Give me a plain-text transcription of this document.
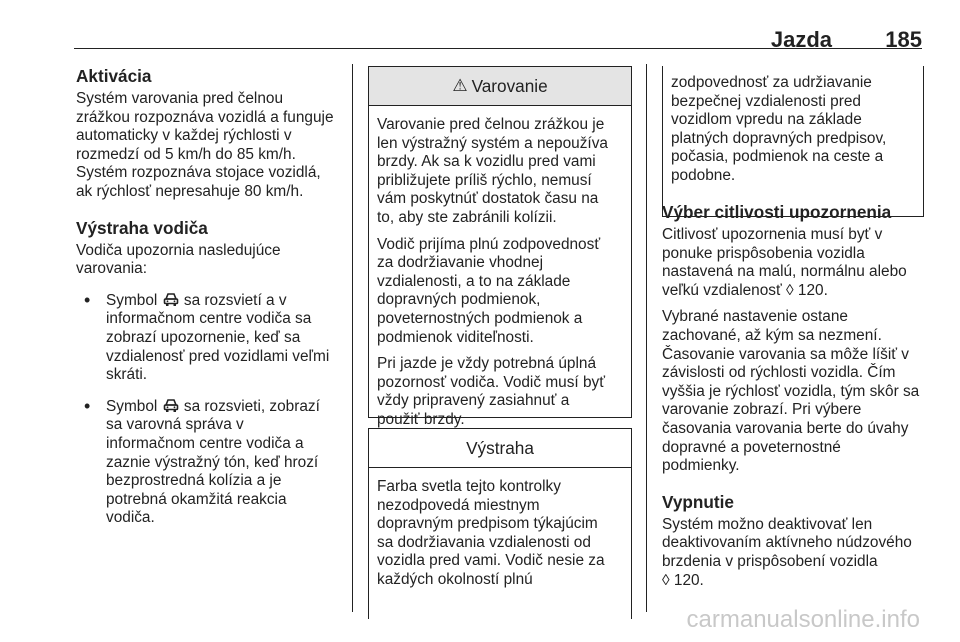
Jazda 185
Aktivácia

Systém varovania pred čelnou

zrážkou rozpoznáva vozidlá a funguje

automaticky v každej rýchlosti v

rozmedzí od 5 km/h do 85 km/h.

Systém rozpoznáva stojace vozidlá,

ak rýchlosť nepresahuje 80 km/h.

Výstraha vodiča

Vodiča upozornia nasledujúce

varovania:

• Symbol sa rozsvietí a v

informačnom centre vodiča sa

zobrazí upozornenie, keď sa

vzdialenosť pred vozidlami veľmi

skráti.

• Symbol sa rozsvieti, zobrazí

sa varovná správa v

informačnom centre vodiča a

zaznie výstražný tón, keď hrozí

bezprostredná kolízia a je

potrebná okamžitá reakcia

vodiča.

⚠ Varovanie

Varovanie pred čelnou zrážkou je
len výstražný systém a nepoužíva
brzdy. Ak sa k vozidlu pred vami
približujete príliš rýchlo, nemusí
vám poskytnúť dostatok času na
to, aby ste zabránili kolízii.

Vodič prijíma plnú zodpovednosť
za dodržiavanie vhodnej
vzdialenosti, a to na základe
dopravných podmienok,
poveternostných podmienok a
podmienok viditeľnosti.

Pri jazde je vždy potrebná úplná
pozornosť vodiča. Vodič musí byť
vždy pripravený zasiahnuť a
použiť brzdy.

Výstraha

Farba svetla tejto kontrolky
nezodpovedá miestnym
dopravným predpisom týkajúcim
sa dodržiavania vzdialenosti od
vozidla pred vami. Vodič nesie za
každých okolností plnú

zodpovednosť za udržiavanie
bezpečnej vzdialenosti pred
vozidlom vpredu na základe
platných dopravných predpisov,
počasia, podmienok na ceste a
podobne.

Výber citlivosti upozornenia

Citlivosť upozornenia musí byť v
ponuke prispôsobenia vozidla
nastavená na malú, normálnu alebo
veľkú vzdialenosť ◊ 120.

Vybrané nastavenie ostane
zachované, až kým sa nezmení.
Časovanie varovania sa môže líšiť v
závislosti od rýchlosti vozidla. Čím
vyššia je rýchlosť vozidla, tým skôr sa
varovanie zobrazí. Pri výbere
časovania varovania berte do úvahy
dopravné a poveternostné
podmienky.

Vypnutie

Systém možno deaktivovať len
deaktivovaním aktívneho núdzového
brzdenia v prispôsobení vozidla
◊ 120.

carmanualsonline.info
